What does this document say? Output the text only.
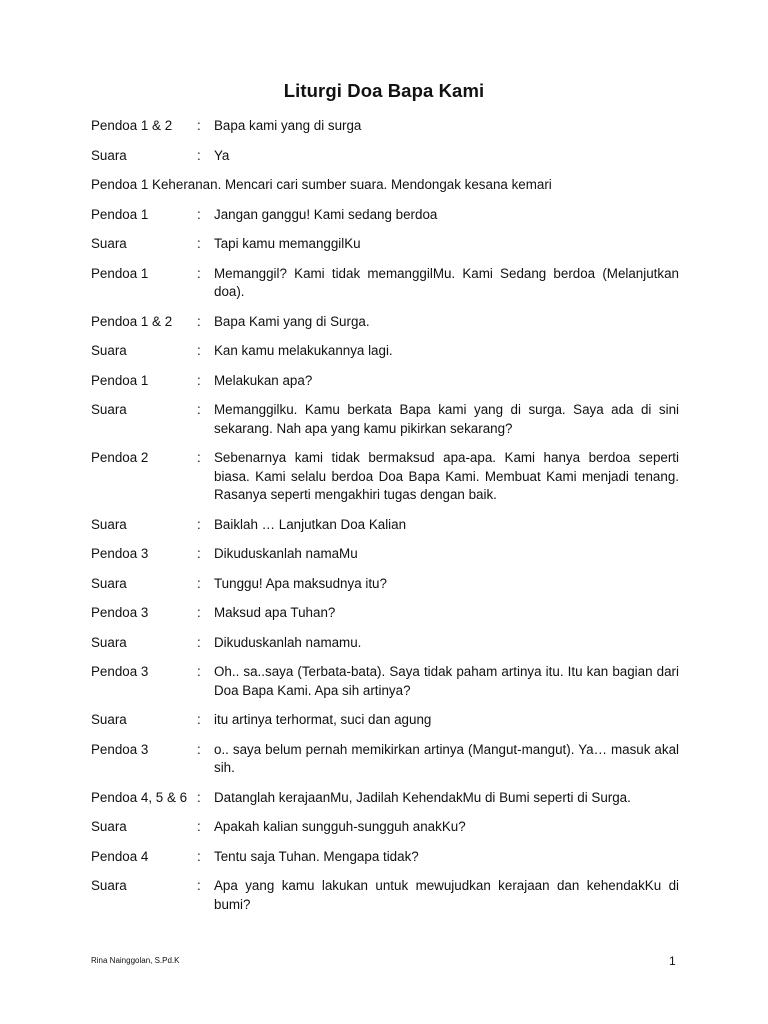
Liturgi Doa Bapa Kami
Pendoa 1 & 2	: Bapa kami yang di surga
Suara	: Ya
Pendoa 1 Keheranan. Mencari cari sumber suara. Mendongak kesana kemari
Pendoa 1	: Jangan ganggu! Kami sedang berdoa
Suara	: Tapi kamu memanggilKu
Pendoa 1	: Memanggil? Kami tidak memanggilMu. Kami Sedang berdoa (Melanjutkan doa).
Pendoa 1 & 2	: Bapa Kami yang di Surga.
Suara	: Kan kamu melakukannya lagi.
Pendoa 1	: Melakukan apa?
Suara	: Memanggilku. Kamu berkata Bapa kami yang di surga. Saya ada di sini sekarang. Nah apa yang kamu pikirkan sekarang?
Pendoa 2	: Sebenarnya kami tidak bermaksud apa-apa. Kami hanya berdoa seperti biasa. Kami selalu berdoa Doa Bapa Kami. Membuat Kami menjadi tenang. Rasanya seperti mengakhiri tugas dengan baik.
Suara	: Baiklah … Lanjutkan Doa Kalian
Pendoa 3	: Dikuduskanlah namaMu
Suara	: Tunggu! Apa maksudnya itu?
Pendoa 3	: Maksud apa Tuhan?
Suara	: Dikuduskanlah namamu.
Pendoa 3	: Oh.. sa..saya (Terbata-bata). Saya tidak paham artinya itu. Itu kan bagian dari Doa Bapa Kami. Apa sih artinya?
Suara	: itu artinya terhormat, suci dan agung
Pendoa 3	: o.. saya belum pernah memikirkan artinya (Mangut-mangut). Ya… masuk akal sih.
Pendoa 4, 5 & 6 : Datanglah kerajaanMu, Jadilah KehendakMu di Bumi seperti di Surga.
Suara	: Apakah kalian sungguh-sungguh anakKu?
Pendoa 4	: Tentu saja Tuhan. Mengapa tidak?
Suara	: Apa yang kamu lakukan untuk mewujudkan kerajaan dan kehendakKu di bumi?
Rina Nainggolan, S.Pd.K	1
